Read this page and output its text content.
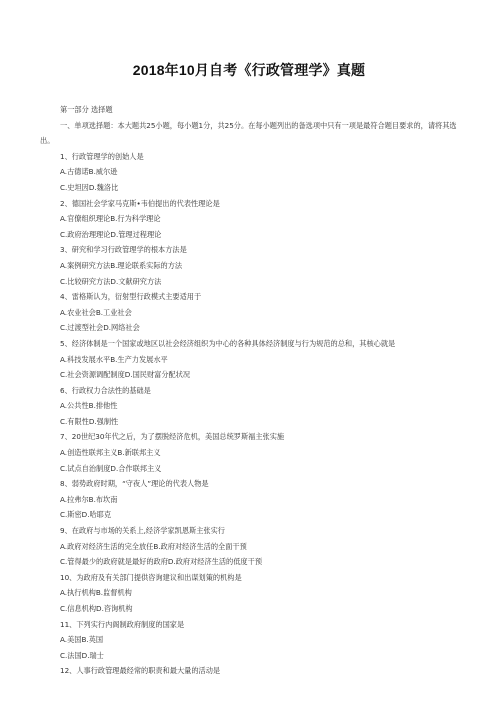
2018年10月自考《行政管理学》真题
第一部分 选择题
一、单项选择题：本大题共25小题，每小题1分，共25分。在每小题列出的备选项中只有一项是最符合题目要求的，请将其选出。
1、行政管理学的创始人是
A.古德诺B.威尔逊
C.史坦因D.魏洛比
2、德国社会学家马克斯•韦伯提出的代表性理论是
A.官僚组织理论B.行为科学理论
C.政府治理理论D.管理过程理论
3、研究和学习行政管理学的根本方法是
A.案例研究方法B.理论联系实际的方法
C.比较研究方法D.文献研究方法
4、雷格斯认为，衍射型行政模式主要适用于
A.农业社会B.工业社会
C.过渡型社会D.网络社会
5、经济体制是一个国家或地区以社会经济组织为中心的各种具体经济制度与行为规范的总和，其核心就是
A.科技发展水平B.生产力发展水平
C.社会资源调配制度D.国民财富分配状况
6、行政权力合法性的基础是
A.公共性B.排他性
C.有限性D.强制性
7、20世纪30年代之后，为了摆脱经济危机，美国总统罗斯福主张实施
A.创造性联邦主义B.新联邦主义
C.试点自治制度D.合作联邦主义
8、弱势政府时期，“守夜人”理论的代表人物是
A.拉弗尔B.布坎南
C.斯密D.哈耶克
9、在政府与市场的关系上,经济学家凯恩斯主张实行
A.政府对经济生活的完全放任B.政府对经济生活的全面干预
C.管得最少的政府就是最好的政府D.政府对经济生活的低度干预
10、为政府及有关部门提供咨询建议和出谋划策的机构是
A.执行机构B.监督机构
C.信息机构D.咨询机构
11、下列实行内阁制政府制度的国家是
A.美国B.英国
C.法国D.瑞士
12、人事行政管理最经常的职责和最大量的活动是
